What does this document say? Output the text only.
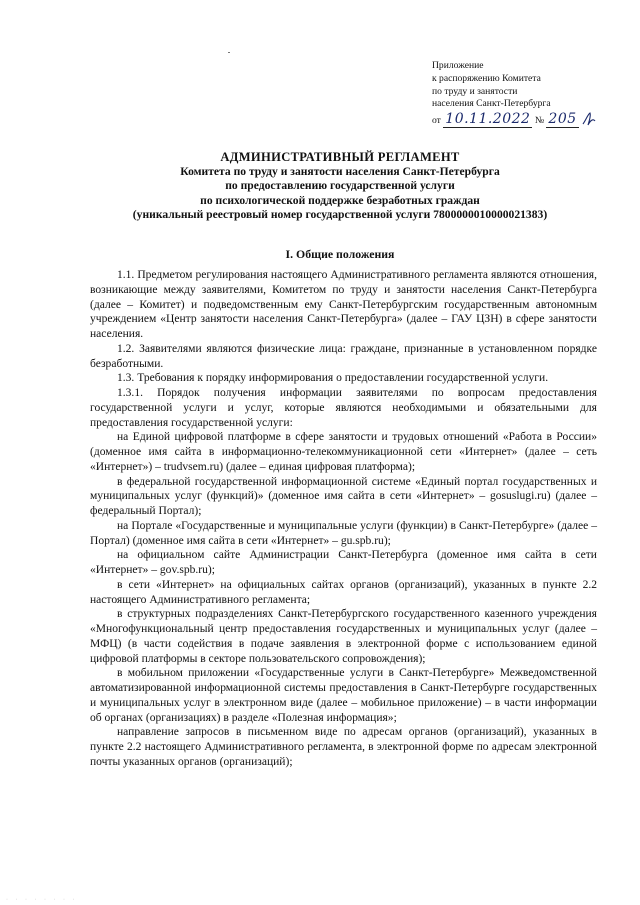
Приложение
к распоряжению Комитета
по труду и занятости
населения Санкт-Петербурга
от 10.11.2022 № 205
АДМИНИСТРАТИВНЫЙ РЕГЛАМЕНТ
Комитета по труду и занятости населения Санкт-Петербурга
по предоставлению государственной услуги
по психологической поддержке безработных граждан
(уникальный реестровый номер государственной услуги 7800000010000021383)
I. Общие положения

1.1. Предметом регулирования настоящего Административного регламента являются отношения, возникающие между заявителями, Комитетом по труду и занятости населения Санкт-Петербурга (далее – Комитет) и подведомственным ему Санкт-Петербургским государственным автономным учреждением «Центр занятости населения Санкт-Петербурга» (далее – ГАУ ЦЗН) в сфере занятости населения.

1.2. Заявителями являются физические лица: граждане, признанные в установленном порядке безработными.

1.3. Требования к порядку информирования о предоставлении государственной услуги.

1.3.1. Порядок получения информации заявителями по вопросам предоставления государственной услуги и услуг, которые являются необходимыми и обязательными для предоставления государственной услуги:

на Единой цифровой платформе в сфере занятости и трудовых отношений «Работа в России» (доменное имя сайта в информационно-телекоммуникационной сети «Интернет» (далее – сеть «Интернет») – trudvsem.ru) (далее – единая цифровая платформа);

в федеральной государственной информационной системе «Единый портал государственных и муниципальных услуг (функций)» (доменное имя сайта в сети «Интернет» – gosuslugi.ru) (далее – федеральный Портал);

на Портале «Государственные и муниципальные услуги (функции) в Санкт-Петербурге» (далее – Портал) (доменное имя сайта в сети «Интернет» – gu.spb.ru);

на официальном сайте Администрации Санкт-Петербурга (доменное имя сайта в сети «Интернет» – gov.spb.ru);

в сети «Интернет» на официальных сайтах органов (организаций), указанных в пункте 2.2 настоящего Административного регламента;

в структурных подразделениях Санкт-Петербургского государственного казенного учреждения «Многофункциональный центр предоставления государственных и муниципальных услуг (далее – МФЦ) (в части содействия в подаче заявления в электронной форме с использованием единой цифровой платформы в секторе пользовательского сопровождения);

в мобильном приложении «Государственные услуги в Санкт-Петербурге» Межведомственной автоматизированной информационной системы предоставления в Санкт-Петербурге государственных и муниципальных услуг в электронном виде (далее – мобильное приложение) – в части информации об органах (организациях) в разделе «Полезная информация»;

направление запросов в письменном виде по адресам органов (организаций), указанных в пункте 2.2 настоящего Административного регламента, в электронной форме по адресам электронной почты указанных органов (организаций);

· · · · · · · ·
